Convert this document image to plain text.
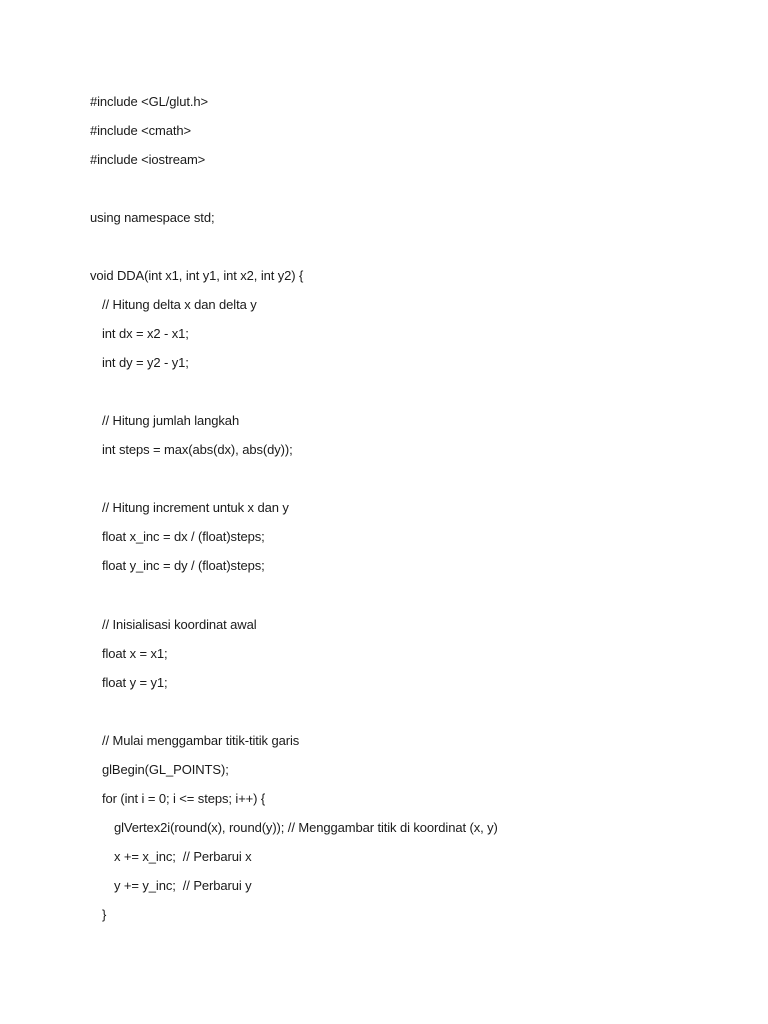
#include <GL/glut.h>
#include <cmath>
#include <iostream>
using namespace std;
void DDA(int x1, int y1, int x2, int y2) {
// Hitung delta x dan delta y
int dx = x2 - x1;
int dy = y2 - y1;
// Hitung jumlah langkah
int steps = max(abs(dx), abs(dy));
// Hitung increment untuk x dan y
float x_inc = dx / (float)steps;
float y_inc = dy / (float)steps;
// Inisialisasi koordinat awal
float x = x1;
float y = y1;
// Mulai menggambar titik-titik garis
glBegin(GL_POINTS);
for (int i = 0; i <= steps; i++) {
glVertex2i(round(x), round(y)); // Menggambar titik di koordinat (x, y)
x += x_inc;  // Perbarui x
y += y_inc;  // Perbarui y
}
